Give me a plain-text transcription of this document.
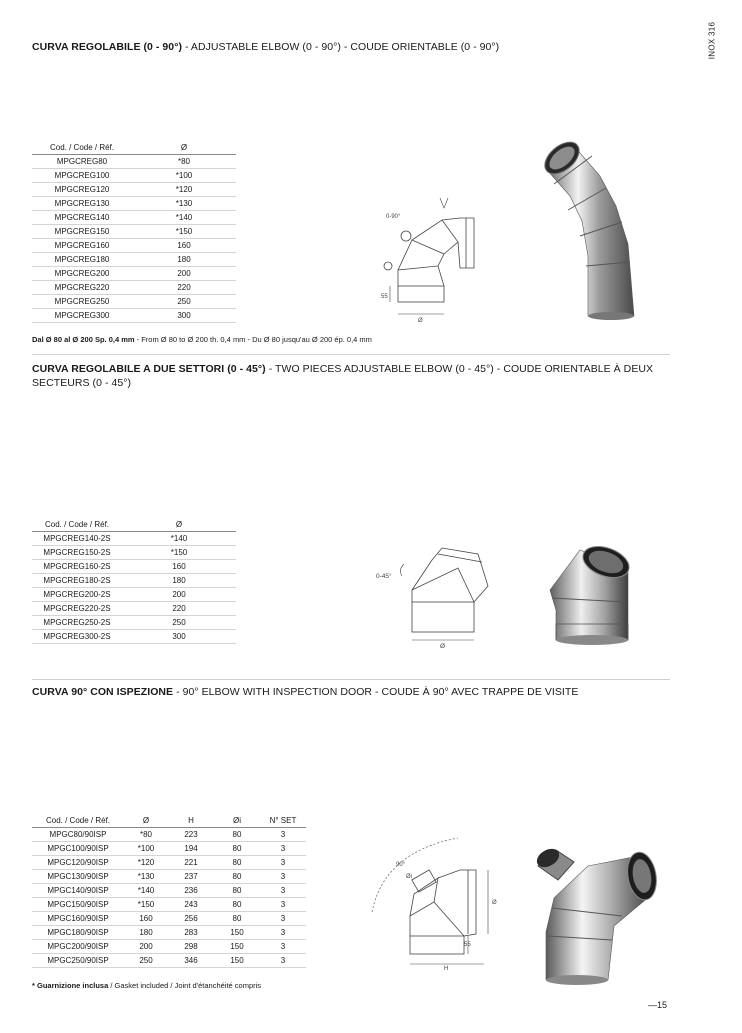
INOX 316
CURVA REGOLABILE (0 - 90°) - ADJUSTABLE ELBOW (0 - 90°) - COUDE ORIENTABLE (0 - 90°)
Cod. / Code / Réf.	Ø
MPGCREG80	*80
MPGCREG100	*100
MPGCREG120	*120
MPGCREG130	*130
MPGCREG140	*140
MPGCREG150	*150
MPGCREG160	160
MPGCREG180	180
MPGCREG200	200
MPGCREG220	220
MPGCREG250	250
MPGCREG300	300
Dal Ø 80 al Ø 200 Sp. 0,4 mm - From Ø 80 to Ø 200 th. 0,4 mm - Du Ø 80 jusqu'au Ø 200 ép. 0,4 mm
0-90°
55
Ø
CURVA REGOLABILE A DUE SETTORI (0 - 45°) - TWO PIECES ADJUSTABLE ELBOW (0 - 45°) - COUDE ORIENTABLE À DEUX SECTEURS (0 - 45°)
Cod. / Code / Réf.	Ø
MPGCREG140-2S	*140
MPGCREG150-2S	*150
MPGCREG160-2S	160
MPGCREG180-2S	180
MPGCREG200-2S	200
MPGCREG220-2S	220
MPGCREG250-2S	250
MPGCREG300-2S	300
0-45°
Ø
CURVA 90° CON ISPEZIONE - 90° ELBOW WITH INSPECTION DOOR - COUDE À 90° AVEC TRAPPE DE VISITE
Cod. / Code / Réf.	Ø	H	Øi	N° SET
MPGC80/90ISP	*80	223	80	3
MPGC100/90ISP	*100	194	80	3
MPGC120/90ISP	*120	221	80	3
MPGC130/90ISP	*130	237	80	3
MPGC140/90ISP	*140	236	80	3
MPGC150/90ISP	*150	243	80	3
MPGC160/90ISP	160	256	80	3
MPGC180/90ISP	180	283	150	3
MPGC200/90ISP	200	298	150	3
MPGC250/90ISP	250	346	150	3
* Guarnizione inclusa / Gasket included / Joint d'étanchéité compris
90°
Øi
Ø
55
H
—15
